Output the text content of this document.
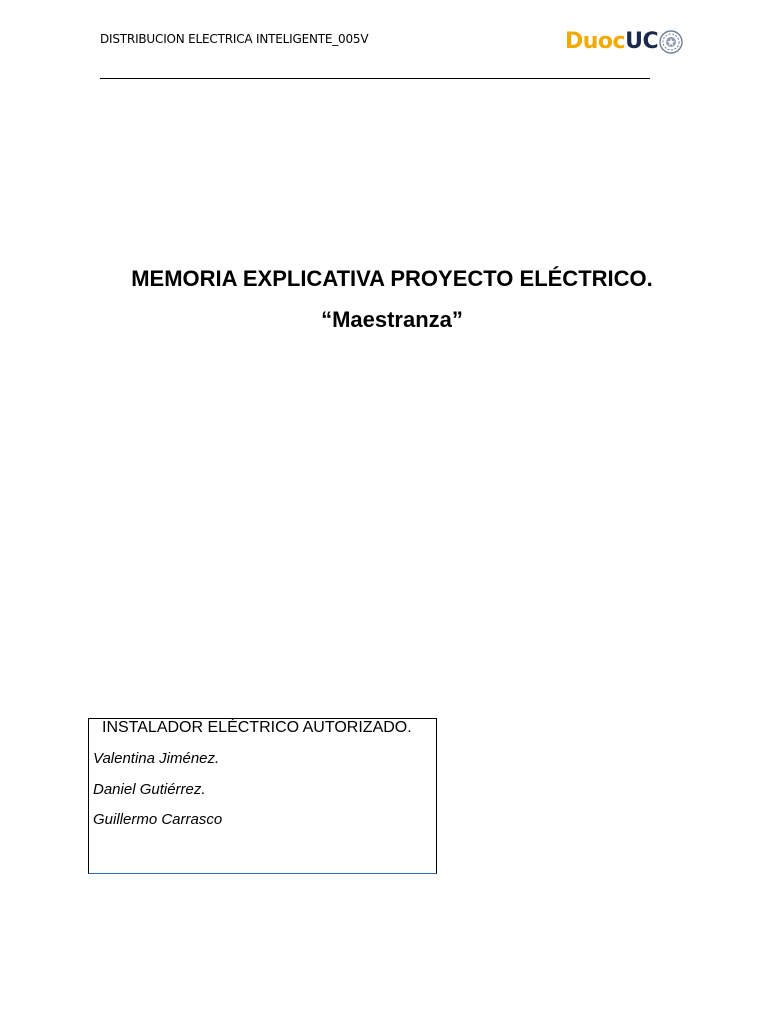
DISTRIBUCION ELECTRICA INTELIGENTE_005V	Duoc UC
MEMORIA EXPLICATIVA PROYECTO ELÉCTRICO.
“Maestranza”
INSTALADOR ELÉCTRICO AUTORIZADO.
Valentina Jiménez.
Daniel Gutiérrez.
Guillermo Carrasco
